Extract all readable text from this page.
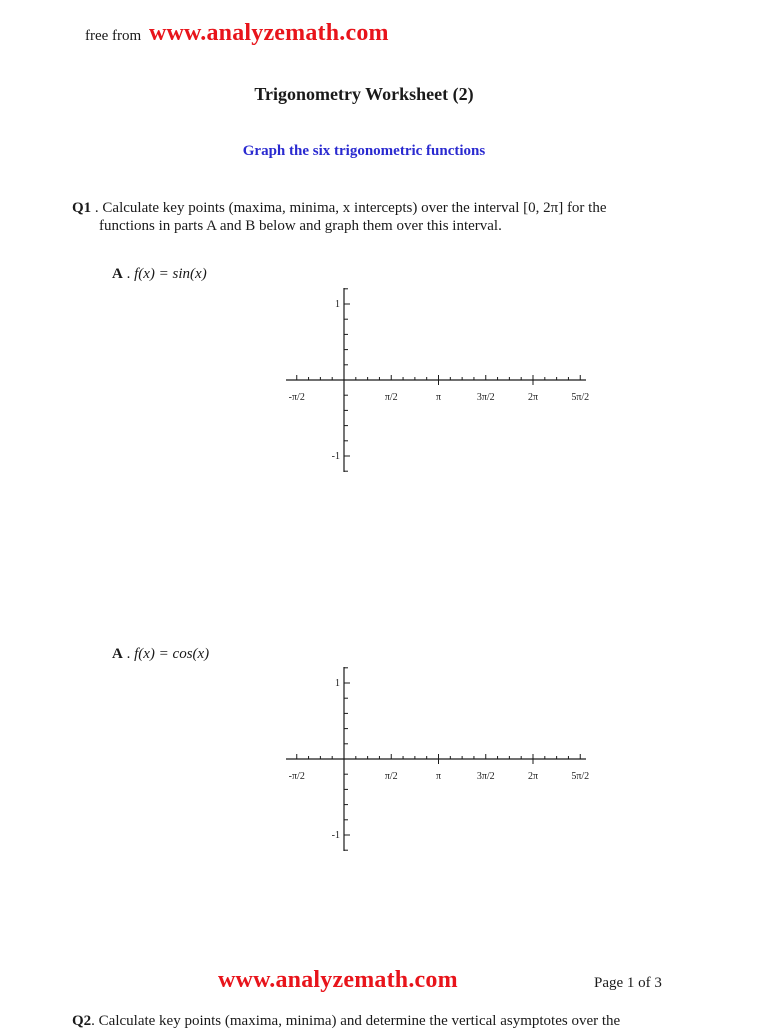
free from www.analyzemath.com
Trigonometry Worksheet (2)
Graph the six trigonometric functions
Q1 . Calculate key points (maxima, minima, x intercepts) over the interval [0, 2π] for the
functions in parts A and B below and graph them over this interval.
A . f(x) = sin(x)
1
-1
-π/2	π/2	π	3π/2	2π	5π/2
A . f(x) = cos(x)
1
-1
-π/2	π/2	π	3π/2	2π	5π/2
www.analyzemath.com	Page 1 of 3
Q2. Calculate key points (maxima, minima) and determine the vertical asymptotes over the
